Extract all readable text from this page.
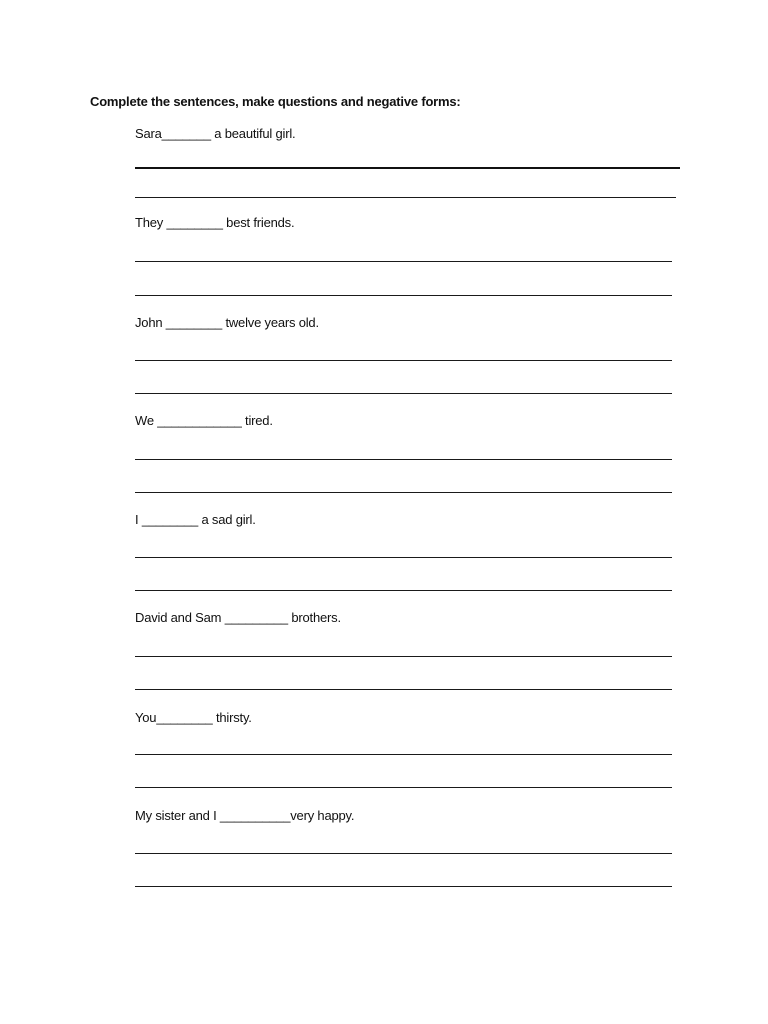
Complete the sentences, make questions and negative forms:
Sara_______ a beautiful girl.
They ________ best friends.
John ________ twelve years old.
We ____________ tired.
I ________ a sad girl.
David and Sam _________ brothers.
You________ thirsty.
My sister and I __________very happy.
